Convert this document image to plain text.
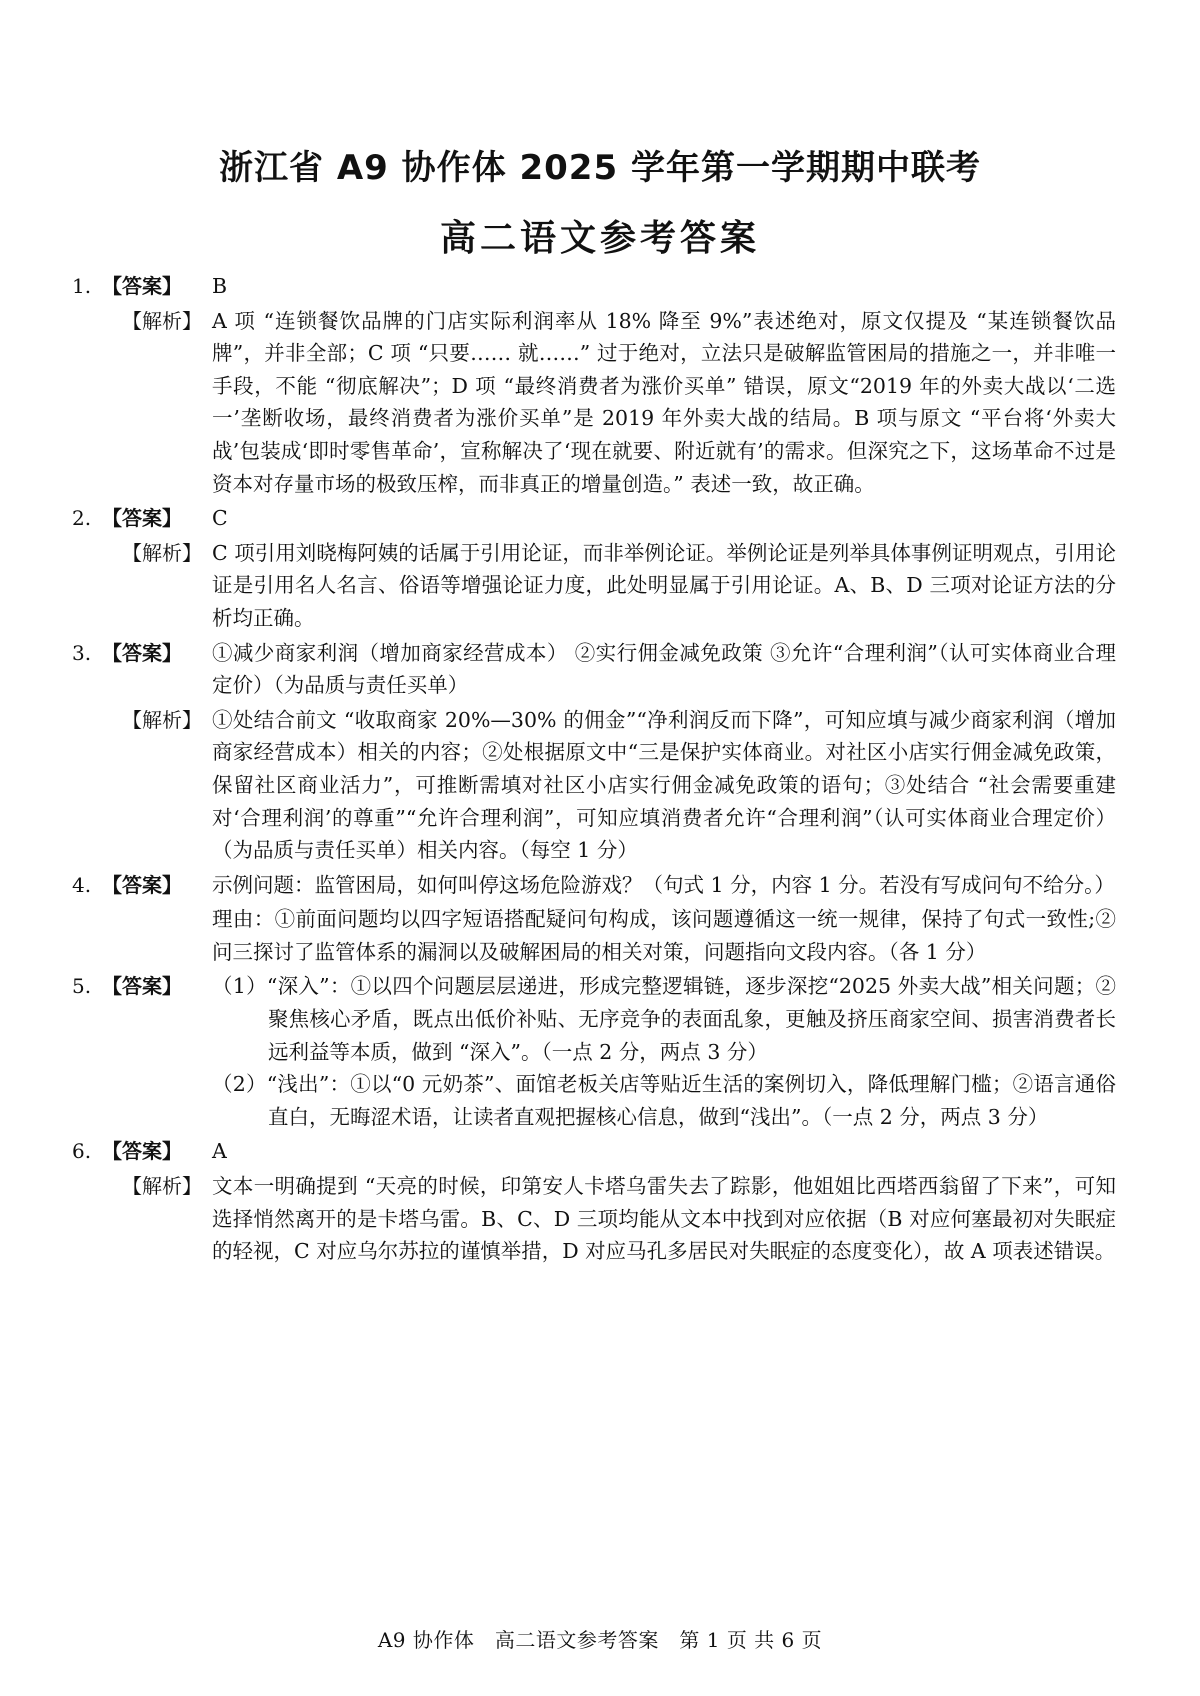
浙江省 A9 协作体 2025 学年第一学期期中联考
高二语文参考答案
1. 【答案】 B
【解析】 A 项 “连锁餐饮品牌的门店实际利润率从 18% 降至 9%”表述绝对，原文仅提及 “某连锁餐饮品牌”，并非全部；C 项 “只要…… 就……” 过于绝对，立法只是破解监管困局的措施之一，并非唯一手段，不能 “彻底解决”；D 项 “最终消费者为涨价买单” 错误，原文“2019 年的外卖大战以‘二选一’垄断收场，最终消费者为涨价买单”是 2019 年外卖大战的结局。B 项与原文 “平台将‘外卖大战’包装成‘即时零售革命’，宣称解决了‘现在就要、附近就有’的需求。但深究之下，这场革命不过是资本对存量市场的极致压榨，而非真正的增量创造。” 表述一致，故正确。
2. 【答案】 C
【解析】 C 项引用刘晓梅阿姨的话属于引用论证，而非举例论证。举例论证是列举具体事例证明观点，引用论证是引用名人名言、俗语等增强论证力度，此处明显属于引用论证。A、B、D 三项对论证方法的分析均正确。
3. 【答案】 ①减少商家利润（增加商家经营成本） ②实行佣金减免政策 ③允许“合理利润”（认可实体商业合理定价）（为品质与责任买单）
【解析】 ①处结合前文 “收取商家 20%—30% 的佣金”“净利润反而下降”，可知应填与减少商家利润（增加商家经营成本）相关的内容；②处根据原文中“三是保护实体商业。对社区小店实行佣金减免政策，保留社区商业活力”，可推断需填对社区小店实行佣金减免政策的语句；③处结合 “社会需要重建对‘合理利润’的尊重”“允许合理利润”，可知应填消费者允许“合理利润”（认可实体商业合理定价）（为品质与责任买单）相关内容。（每空 1 分）
4. 【答案】 示例问题：监管困局，如何叫停这场危险游戏？（句式 1 分，内容 1 分。若没有写成问句不给分。）
理由：①前面问题均以四字短语搭配疑问句构成，该问题遵循这一统一规律，保持了句式一致性;②问三探讨了监管体系的漏洞以及破解困局的相关对策，问题指向文段内容。（各 1 分）
5. 【答案】 （1）“深入”：①以四个问题层层递进，形成完整逻辑链，逐步深挖“2025 外卖大战”相关问题；②聚焦核心矛盾，既点出低价补贴、无序竞争的表面乱象，更触及挤压商家空间、损害消费者长远利益等本质，做到 “深入”。（一点 2 分，两点 3 分）
（2）“浅出”：①以“0 元奶茶”、面馆老板关店等贴近生活的案例切入，降低理解门槛；②语言通俗直白，无晦涩术语，让读者直观把握核心信息，做到“浅出”。（一点 2 分，两点 3 分）
6. 【答案】 A
【解析】 文本一明确提到 “天亮的时候，印第安人卡塔乌雷失去了踪影，他姐姐比西塔西翁留了下来”，可知选择悄然离开的是卡塔乌雷。B、C、D 三项均能从文本中找到对应依据（B 对应何塞最初对失眠症的轻视，C 对应乌尔苏拉的谨慎举措，D 对应马孔多居民对失眠症的态度变化），故 A 项表述错误。
A9 协作体　高二语文参考答案　第 1 页 共 6 页
